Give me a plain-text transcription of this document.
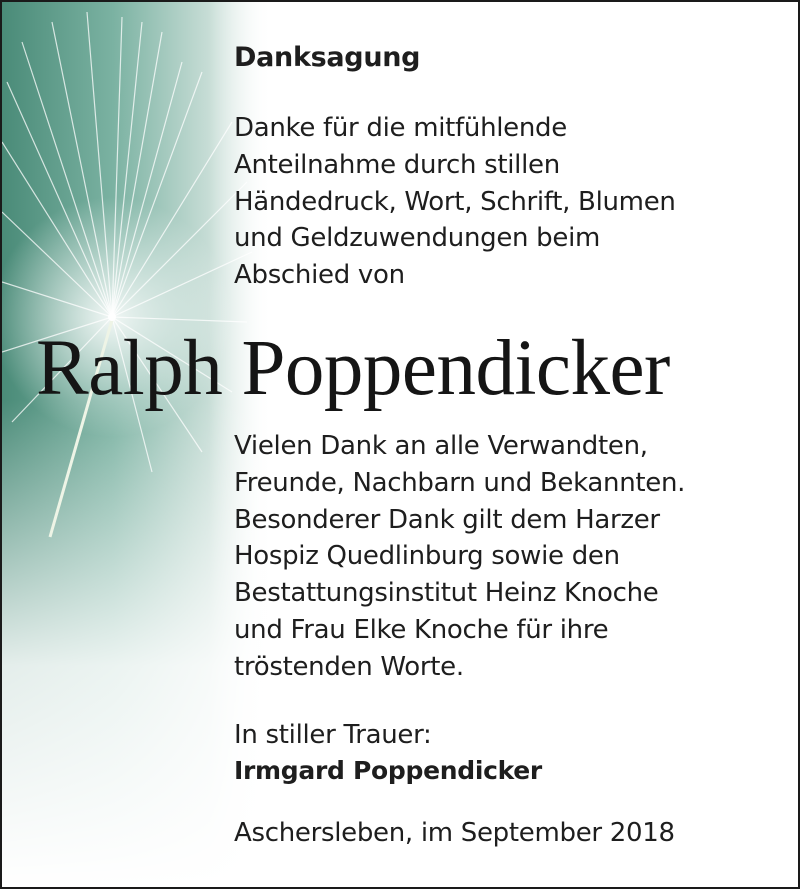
Danksagung
Danke für die mitfühlende
Anteilnahme durch stillen
Händedruck, Wort, Schrift, Blumen
und Geldzuwendungen beim
Abschied von
Ralph Poppendicker
Vielen Dank an alle Verwandten,
Freunde, Nachbarn und Bekannten.
Besonderer Dank gilt dem Harzer
Hospiz Quedlinburg sowie den
Bestattungsinstitut Heinz Knoche
und Frau Elke Knoche für ihre
tröstenden Worte.
In stiller Trauer:
Irmgard Poppendicker
Aschersleben, im September 2018
